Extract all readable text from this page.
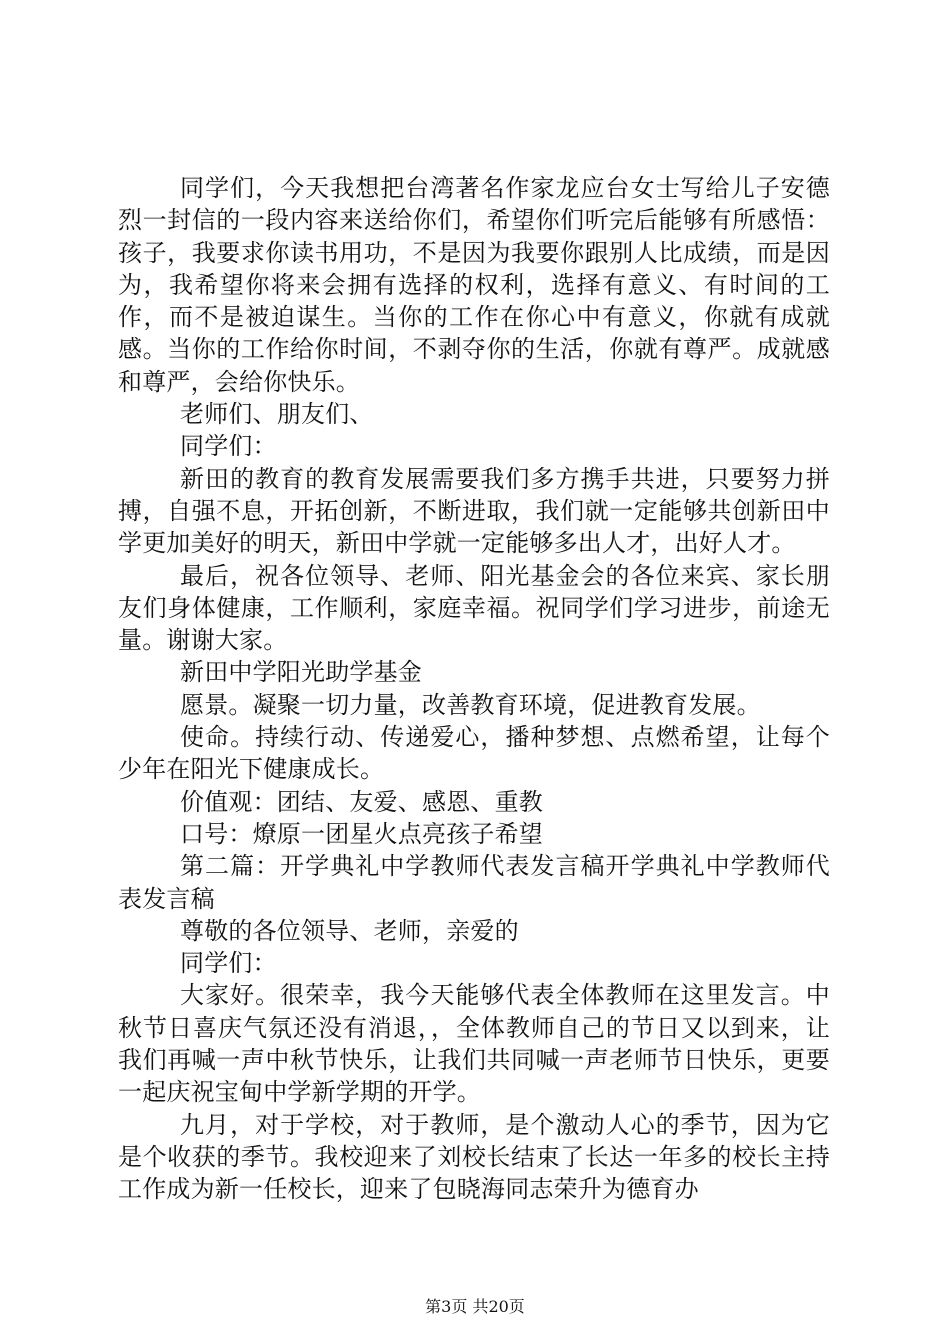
同学们，今天我想把台湾著名作家龙应台女士写给儿子安德烈一封信的一段内容来送给你们，希望你们听完后能够有所感悟：孩子，我要求你读书用功，不是因为我要你跟别人比成绩，而是因为，我希望你将来会拥有选择的权利，选择有意义、有时间的工作，而不是被迫谋生。当你的工作在你心中有意义，你就有成就感。当你的工作给你时间，不剥夺你的生活，你就有尊严。成就感和尊严，会给你快乐。

老师们、朋友们、

同学们：

新田的教育的教育发展需要我们多方携手共进，只要努力拼搏，自强不息，开拓创新，不断进取，我们就一定能够共创新田中学更加美好的明天，新田中学就一定能够多出人才，出好人才。

最后，祝各位领导、老师、阳光基金会的各位来宾、家长朋友们身体健康，工作顺利，家庭幸福。祝同学们学习进步，前途无量。谢谢大家。

新田中学阳光助学基金

愿景。凝聚一切力量，改善教育环境，促进教育发展。

使命。持续行动、传递爱心，播种梦想、点燃希望，让每个少年在阳光下健康成长。

价值观：团结、友爱、感恩、重教

口号：燎原一团星火点亮孩子希望

第二篇：开学典礼中学教师代表发言稿开学典礼中学教师代表发言稿

尊敬的各位领导、老师，亲爱的

同学们：

大家好。很荣幸，我今天能够代表全体教师在这里发言。中秋节日喜庆气氛还没有消退，，全体教师自己的节日又以到来，让我们再喊一声中秋节快乐，让我们共同喊一声老师节日快乐，更要一起庆祝宝甸中学新学期的开学。

九月，对于学校，对于教师，是个激动人心的季节，因为它是个收获的季节。我校迎来了刘校长结束了长达一年多的校长主持工作成为新一任校长，迎来了包晓海同志荣升为德育办

第3页 共20页
